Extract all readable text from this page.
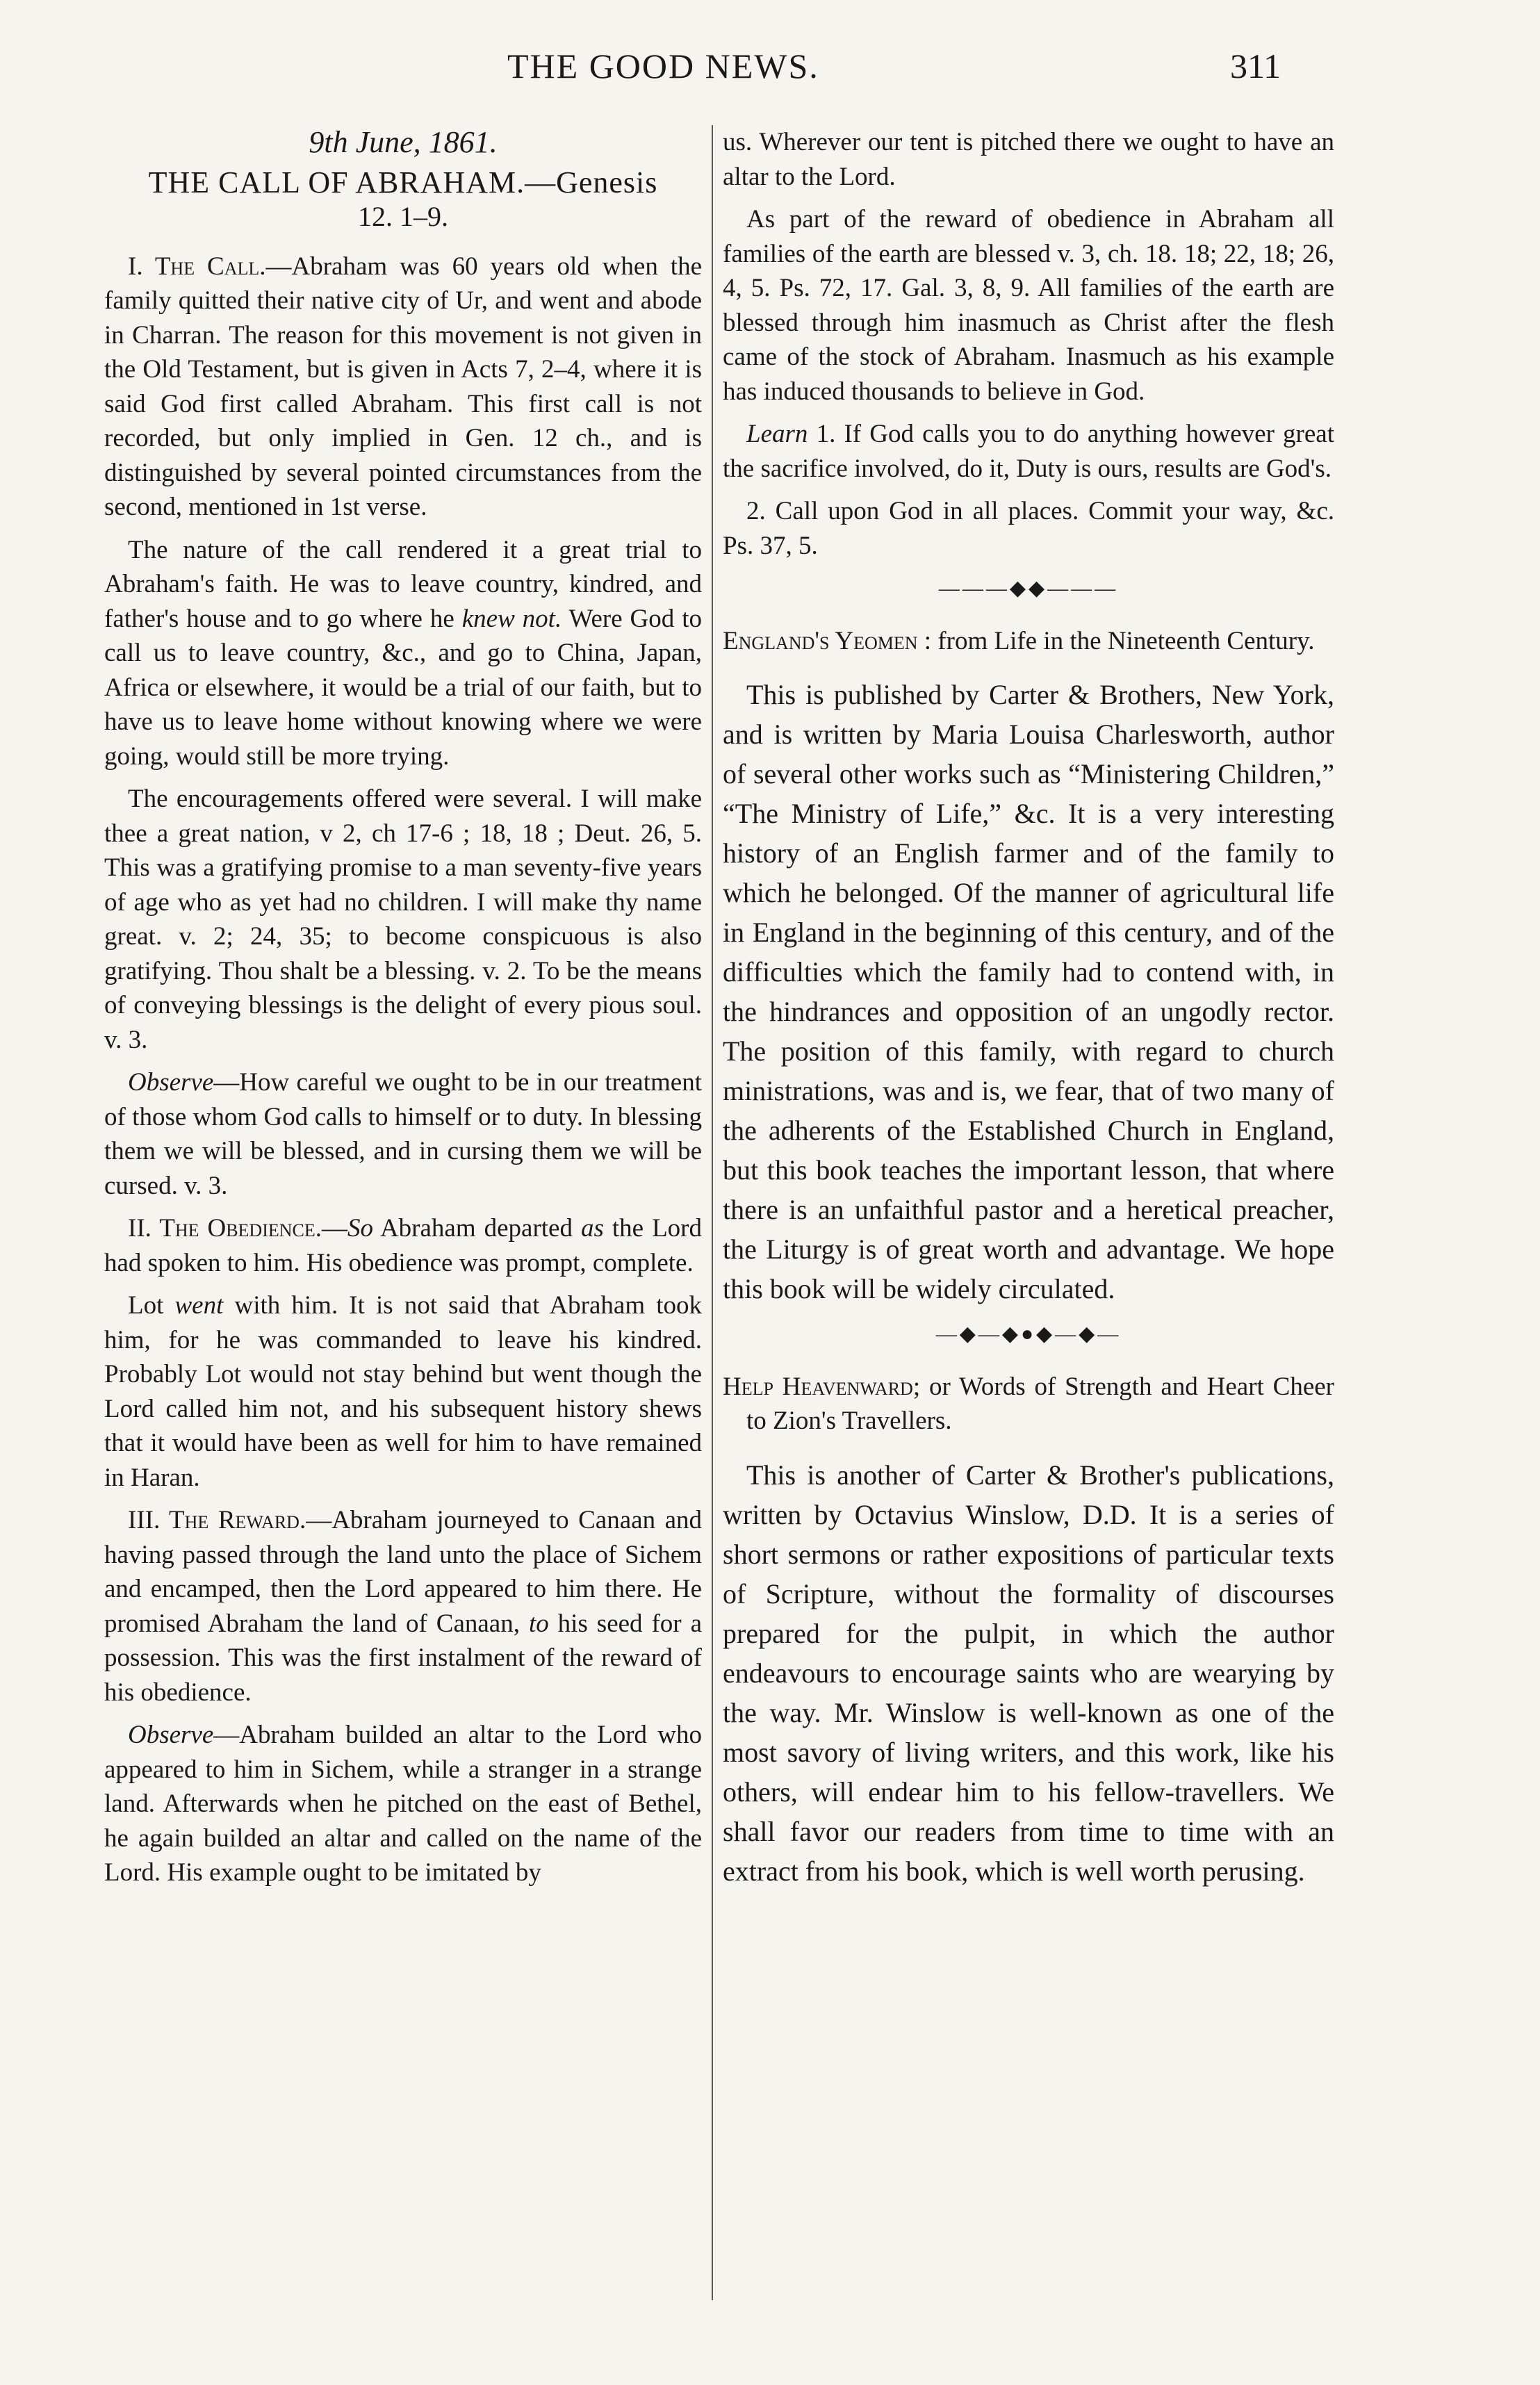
THE GOOD NEWS.	311
9th June, 1861.
THE CALL OF ABRAHAM.—Genesis
12. 1–9.

I. The Call.—Abraham was 60 years old when the family quitted their native city of Ur, and went and abode in Charran. The reason for this movement is not given in the Old Testament, but is given in Acts 7, 2–4, where it is said God first called Abraham. This first call is not recorded, but only implied in Gen. 12 ch., and is distinguished by several pointed circumstances from the second, mentioned in 1st verse.

The nature of the call rendered it a great trial to Abraham's faith. He was to leave country, kindred, and father's house and to go where he knew not. Were God to call us to leave country, &c., and go to China, Japan, Africa or elsewhere, it would be a trial of our faith, but to have us to leave home without knowing where we were going, would still be more trying.

The encouragements offered were several. I will make thee a great nation, v 2, ch 17-6 ; 18, 18 ; Deut. 26, 5. This was a gratifying promise to a man seventy-five years of age who as yet had no children. I will make thy name great. v. 2; 24, 35; to become conspicuous is also gratifying. Thou shalt be a blessing. v. 2. To be the means of conveying blessings is the delight of every pious soul. v. 3.

Observe—How careful we ought to be in our treatment of those whom God calls to himself or to duty. In blessing them we will be blessed, and in cursing them we will be cursed. v. 3.

II. The Obedience.—So Abraham departed as the Lord had spoken to him. His obedience was prompt, complete.

Lot went with him. It is not said that Abraham took him, for he was commanded to leave his kindred. Probably Lot would not stay behind but went though the Lord called him not, and his subsequent history shews that it would have been as well for him to have remained in Haran.

III. The Reward.—Abraham journeyed to Canaan and having passed through the land unto the place of Sichem and encamped, then the Lord appeared to him there. He promised Abraham the land of Canaan, to his seed for a possession. This was the first instalment of the reward of his obedience.

Observe—Abraham builded an altar to the Lord who appeared to him in Sichem, while a stranger in a strange land. Afterwards when he pitched on the east of Bethel, he again builded an altar and called on the name of the Lord. His example ought to be imitated by

us. Wherever our tent is pitched there we ought to have an altar to the Lord.

As part of the reward of obedience in Abraham all families of the earth are blessed v. 3, ch. 18. 18; 22, 18; 26, 4, 5. Ps. 72, 17. Gal. 3, 8, 9. All families of the earth are blessed through him inasmuch as Christ after the flesh came of the stock of Abraham. Inasmuch as his example has induced thousands to believe in God.

Learn 1. If God calls you to do anything however great the sacrifice involved, do it, Duty is ours, results are God's.

2. Call upon God in all places. Commit your way, &c. Ps. 37, 5.

———◆◆———

England's Yeomen : from Life in the Nineteenth Century.

This is published by Carter & Brothers, New York, and is written by Maria Louisa Charlesworth, author of several other works such as “Ministering Children,” “The Ministry of Life,” &c. It is a very interesting history of an English farmer and of the family to which he belonged. Of the manner of agricultural life in England in the beginning of this century, and of the difficulties which the family had to contend with, in the hindrances and opposition of an ungodly rector. The position of this family, with regard to church ministrations, was and is, we fear, that of two many of the adherents of the Established Church in England, but this book teaches the important lesson, that where there is an unfaithful pastor and a heretical preacher, the Liturgy is of great worth and advantage. We hope this book will be widely circulated.

—◆—◆●◆—◆—

Help Heavenward; or Words of Strength and Heart Cheer to Zion's Travellers.

This is another of Carter & Brother's publications, written by Octavius Winslow, D.D. It is a series of short sermons or rather expositions of particular texts of Scripture, without the formality of discourses prepared for the pulpit, in which the author endeavours to encourage saints who are wearying by the way. Mr. Winslow is well-known as one of the most savory of living writers, and this work, like his others, will endear him to his fellow-travellers. We shall favor our readers from time to time with an extract from his book, which is well worth perusing.
